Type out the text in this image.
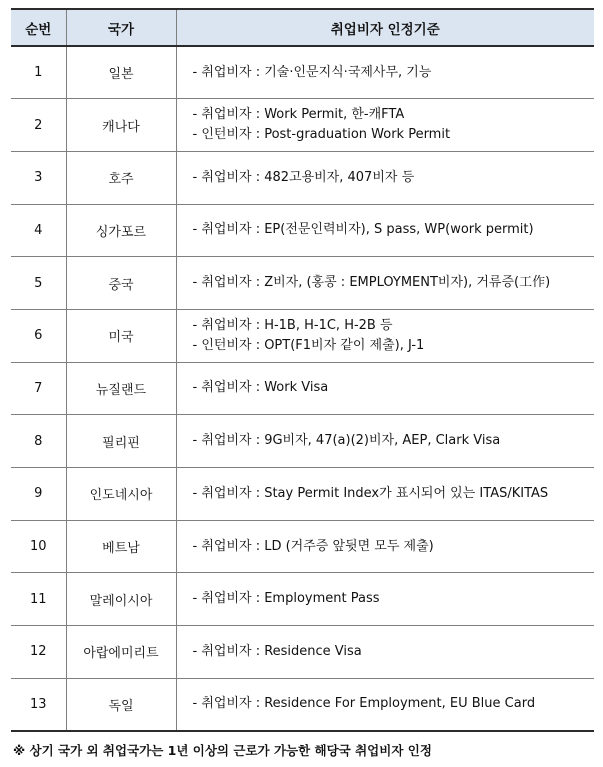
순번	국가	취업비자 인정기준
1	일본	- 취업비자 : 기술·인문지식·국제사무, 기능

2	캐나다	- 취업비자 : Work Permit, 한-캐FTA
- 인턴비자 : Post-graduation Work Permit

3	호주	- 취업비자 : 482고용비자, 407비자 등

4	싱가포르	- 취업비자 : EP(전문인력비자), S pass, WP(work permit)

5	중국	- 취업비자 : Z비자, (홍콩 : EMPLOYMENT비자), 거류증(工作)

6	미국	- 취업비자 : H-1B, H-1C, H-2B 등
- 인턴비자 : OPT(F1비자 같이 제출), J-1

7	뉴질랜드	- 취업비자 : Work Visa

8	필리핀	- 취업비자 : 9G비자, 47(a)(2)비자, AEP, Clark Visa

9	인도네시아	- 취업비자 : Stay Permit Index가 표시되어 있는 ITAS/KITAS

10	베트남	- 취업비자 : LD (거주증 앞뒷면 모두 제출)

11	말레이시아	- 취업비자 : Employment Pass

12	아랍에미리트	- 취업비자 : Residence Visa

13	독일	- 취업비자 : Residence For Employment, EU Blue Card
※ 상기 국가 외 취업국가는 1년 이상의 근로가 가능한 해당국 취업비자 인정
